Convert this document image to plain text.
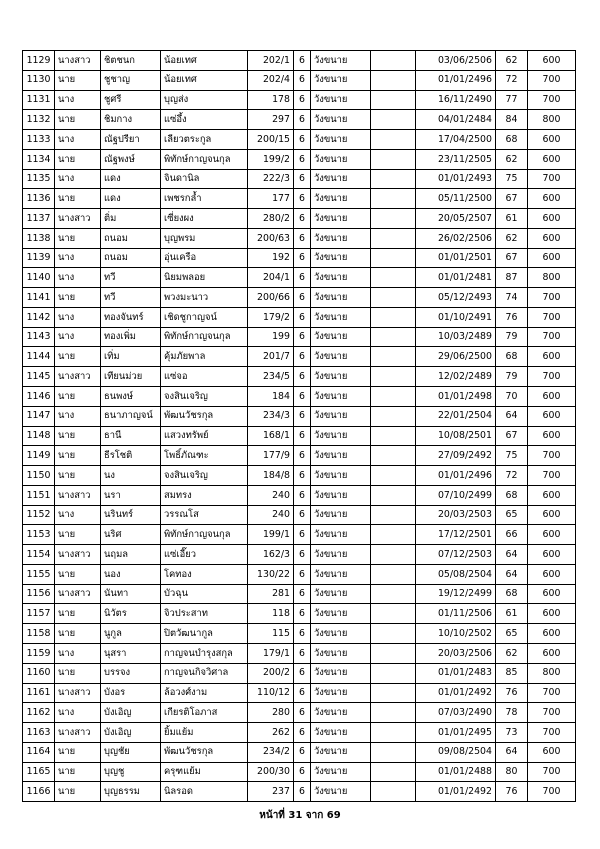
1129	นางสาว	ชิตชนก	น้อยเทศ	202/1	6	วังขนาย		03/06/2506	62	600
1130	นาย	ชูชาญ	น้อยเทศ	202/4	6	วังขนาย		01/01/2496	72	700
1131	นาง	ชูศรี	บุญส่ง	178	6	วังขนาย		16/11/2490	77	700
1132	นาย	ชิมกาง	แซ่อึ้ง	297	6	วังขนาย		04/01/2484	84	800
1133	นาง	ณัฐปรียา	เลียวตระกูล	200/15	6	วังขนาย		17/04/2500	68	600
1134	นาย	ณัฐพงษ์	พิทักษ์กาญจนกุล	199/2	6	วังขนาย		23/11/2505	62	600
1135	นาง	แดง	จินดานิล	222/3	6	วังขนาย		01/01/2493	75	700
1136	นาย	แดง	เพชรกล้ำ	177	6	วังขนาย		05/11/2500	67	600
1137	นางสาว	ติ่ม	เซี่ยงผง	280/2	6	วังขนาย		20/05/2507	61	600
1138	นาย	ถนอม	บุญพรม	200/63	6	วังขนาย		26/02/2506	62	600
1139	นาง	ถนอม	อุ่นเครือ	192	6	วังขนาย		01/01/2501	67	600
1140	นาง	ทวี	นิยมพลอย	204/1	6	วังขนาย		01/01/2481	87	800
1141	นาย	ทวี	พวงมะนาว	200/66	6	วังขนาย		05/12/2493	74	700
1142	นาง	ทองจันทร์	เชิดชูกาญจน์	179/2	6	วังขนาย		01/10/2491	76	700
1143	นาง	ทองเพิ่ม	พิทักษ์กาญจนกุล	199	6	วังขนาย		10/03/2489	79	700
1144	นาย	เทิ่ม	คุ้มภัยพาล	201/7	6	วังขนาย		29/06/2500	68	600
1145	นางสาว	เทียนม่วย	แซ่จอ	234/5	6	วังขนาย		12/02/2489	79	700
1146	นาย	ธนพงษ์	จงสินเจริญ	184	6	วังขนาย		01/01/2498	70	600
1147	นาง	ธนาภาญจน์	พัฒนวัชรกุล	234/3	6	วังขนาย		22/01/2504	64	600
1148	นาย	ธานี	แสวงทรัพย์	168/1	6	วังขนาย		10/08/2501	67	600
1149	นาย	ธีรโชติ	โพธิ์ภัณฑะ	177/9	6	วังขนาย		27/09/2492	75	700
1150	นาย	นง	จงสินเจริญ	184/8	6	วังขนาย		01/01/2496	72	700
1151	นางสาว	นรา	สมทรง	240	6	วังขนาย		07/10/2499	68	600
1152	นาง	นรินทร์	วรรณโส	240	6	วังขนาย		20/03/2503	65	600
1153	นาย	นริศ	พิทักษ์กาญจนกุล	199/1	6	วังขนาย		17/12/2501	66	600
1154	นางสาว	นฤมล	แซ่เอี๊ยว	162/3	6	วังขนาย		07/12/2503	64	600
1155	นาย	นอง	โคทอง	130/22	6	วังขนาย		05/08/2504	64	600
1156	นางสาว	นันทา	บัวฉุน	281	6	วังขนาย		19/12/2499	68	600
1157	นาย	นิวัตร	จิวประสาท	118	6	วังขนาย		01/11/2506	61	600
1158	นาย	นูกูล	ปิตวัฒนากูล	115	6	วังขนาย		10/10/2502	65	600
1159	นาง	นุสรา	กาญจนบำรุงสกุล	179/1	6	วังขนาย		20/03/2506	62	600
1160	นาย	บรรจง	กาญจนกิจวิศาล	200/2	6	วังขนาย		01/01/2483	85	800
1161	นางสาว	บังอร	ล้อวงศ์งาม	110/12	6	วังขนาย		01/01/2492	76	700
1162	นาง	บังเอิญ	เกียรติโอภาส	280	6	วังขนาย		07/03/2490	78	700
1163	นางสาว	บังเอิญ	ยิ้มแย้ม	262	6	วังขนาย		01/01/2495	73	700
1164	นาย	บุญชัย	พัฒนวัชรกุล	234/2	6	วังขนาย		09/08/2504	64	600
1165	นาย	บุญชู	ครุฑแย้ม	200/30	6	วังขนาย		01/01/2488	80	700
1166	นาย	บุญธรรม	นิลรอด	237	6	วังขนาย		01/01/2492	76	700
หน้าที่ 31 จาก 69
